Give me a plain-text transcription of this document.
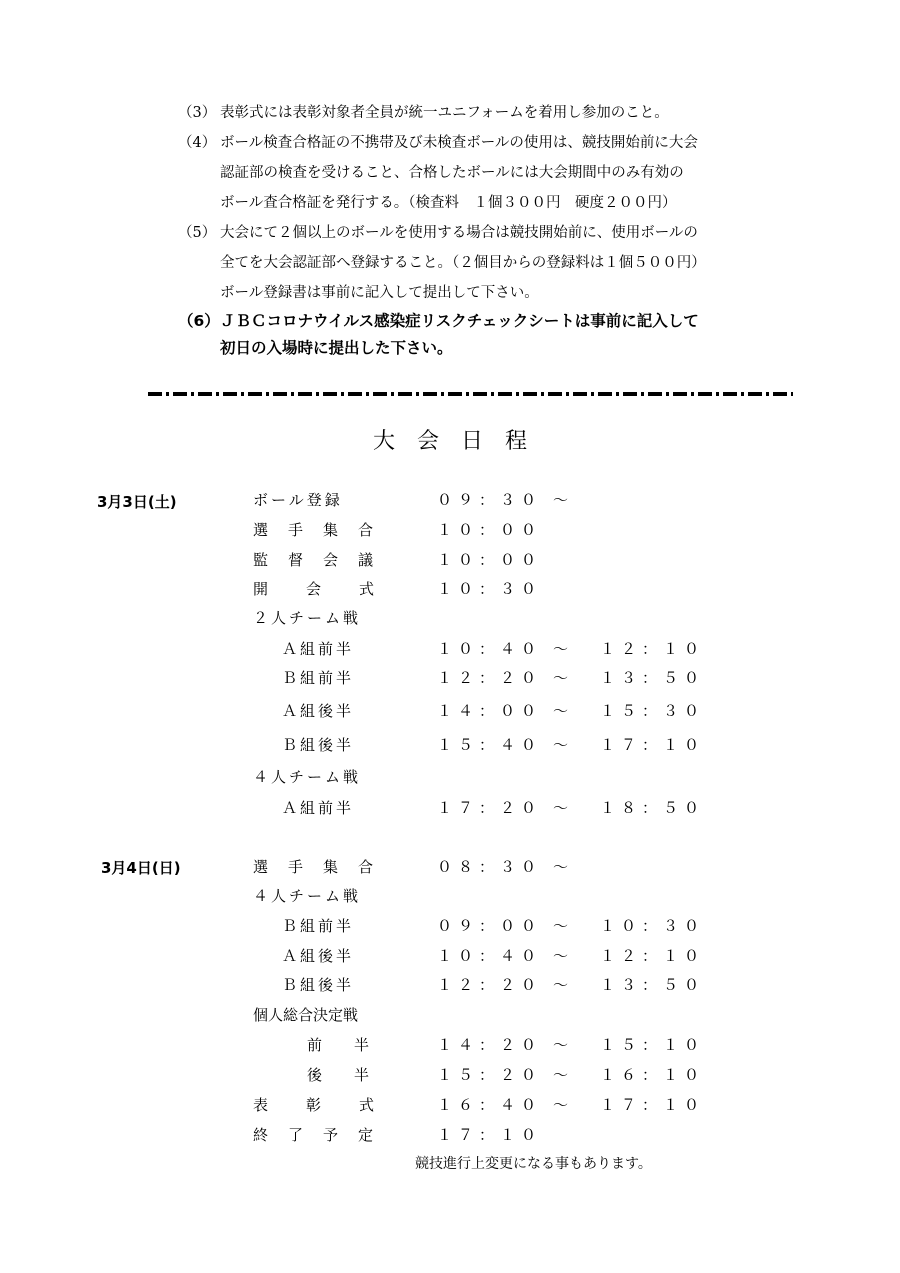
（3） 表彰式には表彰対象者全員が統一ユニフォームを着用し参加のこと。
（4） ボール検査合格証の不携帯及び未検査ボールの使用は、競技開始前に大会
認証部の検査を受けること、合格したボールには大会期間中のみ有効の
ボール査合格証を発行する。（検査料　１個３００円　硬度２００円）
（5） 大会にて２個以上のボールを使用する場合は競技開始前に、使用ボールの
全てを大会認証部へ登録すること。（２個目からの登録料は１個５００円）
ボール登録書は事前に記入して提出して下さい。
（6）ＪＢＣコロナウイルス感染症リスクチェックシートは事前に記入して
初日の入場時に提出した下さい。
大会日程
3月3日(土)	ボール登録	０９：３０ ～
選手集合	１０：００
監督会議	１０：００
開会式 １０：３０
２人チーム戦
Ａ組前半	１０：４０ ～ １２：１０
Ｂ組前半	１２：２０ ～ １３：５０
Ａ組後半	１４：００ ～ １５：３０
Ｂ組後半	１５：４０ ～ １７：１０
４人チーム戦
Ａ組前半	１７：２０ ～ １８：５０
3月4日(日)	選手集合	０８：３０ ～
４人チーム戦
Ｂ組前半	０９：００ ～ １０：３０
Ａ組後半	１０：４０ ～ １２：１０
Ｂ組後半	１２：２０ ～ １３：５０
個人総合決定戦
前半 １４：２０ ～ １５：１０
後半 １５：２０ ～ １６：１０
表彰式 １６：４０ ～ １７：１０
終了予定	１７：１０
競技進行上変更になる事もあります。
